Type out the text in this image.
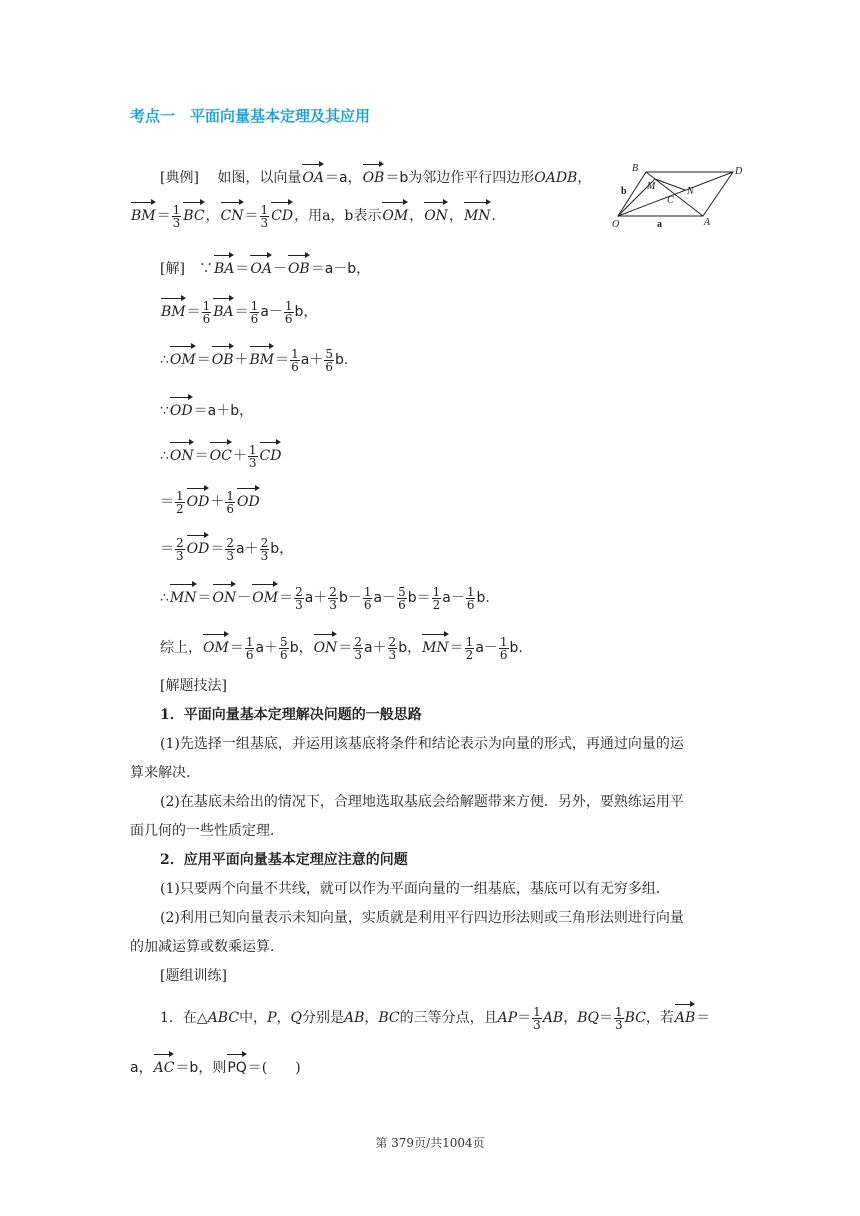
考点一　平面向量基本定理及其应用
[典例]　 如图，以向量OA＝a，OB＝b为邻边作平行四边形OADB，
$BM= \frac{1}{3}$ BC，$CN= \frac{1}{3}$ CD，用a，b表示OM，ON，MN.
B	D
M	N
C
O	A
a
b
[解]　 ∵BA＝OA－OB＝a－b，
$BM= \frac{1}{6} BA= \frac{1}{6} a- \frac{1}{6}$ b，
∴OM＝OB＋BM＝ $\frac{1}{6} a+ \frac{5}{6} b$.
∵OD＝a＋b，
∴ON＝OC＋ $\frac{1}{3}$ CD
＝ $\frac{1}{2} OD+ \frac{1}{6}$ OD
＝ $\frac{2}{3} OD= \frac{2}{3} a+ \frac{2}{3}$ b，
∴MN＝ON－OM＝ $\frac{2}{3} a+ \frac{2}{3} b- \frac{1}{6} a- \frac{5}{6} b= \frac{1}{2} a- \frac{1}{6} b$.
综上，$OM= \frac{1}{6} a+ \frac{5}{6}$ b，$ON= \frac{2}{3} a+ \frac{2}{3}$ b，$MN= \frac{1}{2} a- \frac{1}{6} b$.
[解题技法]
1．平面向量基本定理解决问题的一般思路
(1)先选择一组基底，并运用该基底将条件和结论表示为向量的形式，再通过向量的运
算来解决．
(2)在基底未给出的情况下，合理地选取基底会给解题带来方便．另外，要熟练运用平
面几何的一些性质定理．
2．应用平面向量基本定理应注意的问题
(1)只要两个向量不共线，就可以作为平面向量的一组基底，基底可以有无穷多组．
(2)利用已知向量表示未知向量，实质就是利用平行四边形法则或三角形法则进行向量
的加减运算或数乘运算．
[题组训练]
1．在△ABC中，P，Q分别是AB，BC的三等分点，且$AP= \frac{1}{3}$ AB，$BQ= \frac{1}{3}$ BC，若AB＝
a，AC＝b，则PQ＝(　　)
第 379页/共1004页
